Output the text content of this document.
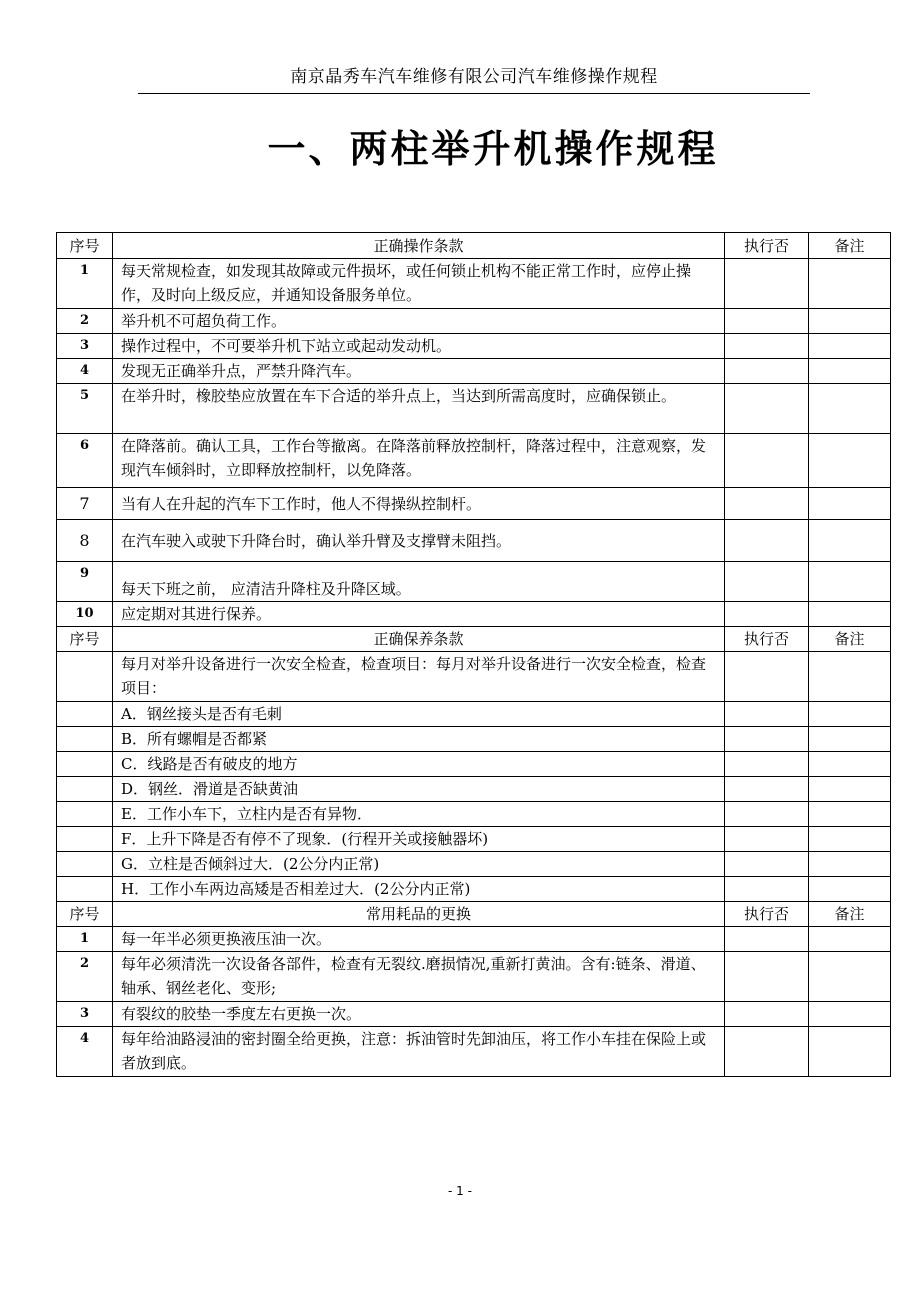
南京晶秀车汽车维修有限公司汽车维修操作规程
一、两柱举升机操作规程
序号	正确操作条款	执行否	备注
1	每天常规检查，如发现其故障或元件损坏，或任何锁止机构不能正常工作时，应停止操作，及时向上级反应，并通知设备服务单位。		
2	举升机不可超负荷工作。		
3	操作过程中，不可要举升机下站立或起动发动机。		
4	发现无正确举升点，严禁升降汽车。		
5	在举升时，橡胶垫应放置在车下合适的举升点上，当达到所需高度时，应确保锁止。		
6	在降落前。确认工具，工作台等撤离。在降落前释放控制杆，降落过程中，注意观察，发现汽车倾斜时，立即释放控制杆，以免降落。		
7	当有人在升起的汽车下工作时，他人不得操纵控制杆。		
8	在汽车驶入或驶下升降台时，确认举升臂及支撑臂未阻挡。		
9	每天下班之前， 应清洁升降柱及升降区域。		
10	应定期对其进行保养。		
序号	正确保养条款	执行否	备注
	每月对举升设备进行一次安全检查，检查项目：每月对举升设备进行一次安全检查，检查项目：		
	A．钢丝接头是否有毛刺		
	B．所有螺帽是否都紧		
	C．线路是否有破皮的地方		
	D．钢丝．滑道是否缺黄油		
	E．工作小车下，立柱内是否有异物．		
	F．上升下降是否有停不了现象．(行程开关或接触器坏)		
	G．立柱是否倾斜过大．(2公分内正常)		
	H．工作小车两边高矮是否相差过大．(2公分内正常)		
序号	常用耗品的更换	执行否	备注
1	每一年半必须更换液压油一次。		
2	每年必须清洗一次设备各部件，检查有无裂纹.磨损情况,重新打黄油。含有:链条、滑道、轴承、钢丝老化、变形;		
3	有裂纹的胶垫一季度左右更换一次。		
4	每年给油路浸油的密封圈全给更换，注意：拆油管时先卸油压，将工作小车挂在保险上或者放到底。		
- 1 -
